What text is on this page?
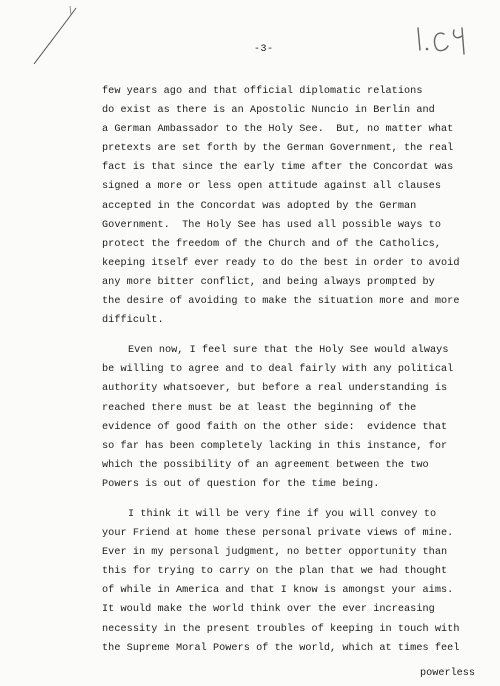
-3-
few years ago and that official diplomatic relations
do exist as there is an Apostolic Nuncio in Berlin and
a German Ambassador to the Holy See.  But, no matter what
pretexts are set forth by the German Government, the real
fact is that since the early time after the Concordat was
signed a more or less open attitude against all clauses
accepted in the Concordat was adopted by the German
Government.  The Holy See has used all possible ways to
protect the freedom of the Church and of the Catholics,
keeping itself ever ready to do the best in order to avoid
any more bitter conflict, and being always prompted by
the desire of avoiding to make the situation more and more
difficult.
Even now, I feel sure that the Holy See would always
be willing to agree and to deal fairly with any political
authority whatsoever, but before a real understanding is
reached there must be at least the beginning of the
evidence of good faith on the other side:  evidence that
so far has been completely lacking in this instance, for
which the possibility of an agreement between the two
Powers is out of question for the time being.
I think it will be very fine if you will convey to
your Friend at home these personal private views of mine.
Ever in my personal judgment, no better opportunity than
this for trying to carry on the plan that we had thought
of while in America and that I know is amongst your aims.
It would make the world think over the ever increasing
necessity in the present troubles of keeping in touch with
the Supreme Moral Powers of the world, which at times feel
powerless
